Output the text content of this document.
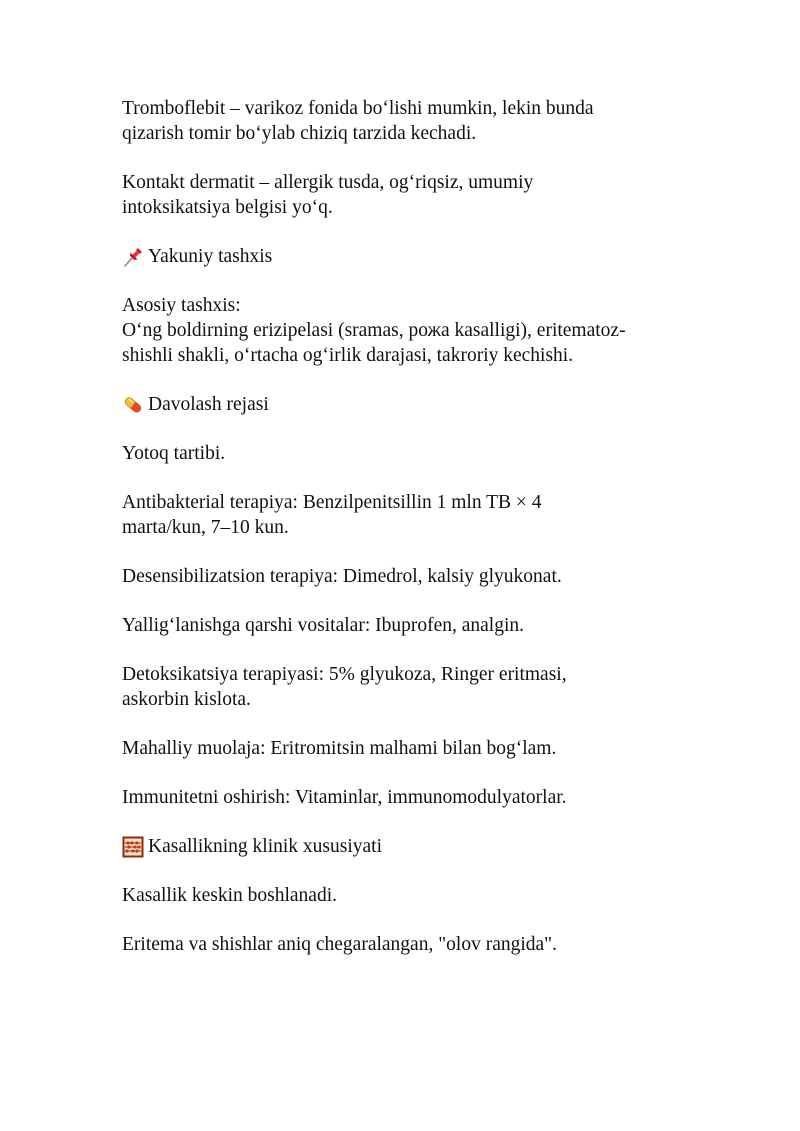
Tromboflebit – varikoz fonida bo‘lishi mumkin, lekin bunda
qizarish tomir bo‘ylab chiziq tarzida kechadi.
Kontakt dermatit – allergik tusda, og‘riqsiz, umumiy
intoksikatsiya belgisi yo‘q.
Yakuniy tashxis
Asosiy tashxis:
O‘ng boldirning erizipelasi (sramas, рожа kasalligi), eritematoz-
shishli shakli, o‘rtacha og‘irlik darajasi, takroriy kechishi.
Davolash rejasi
Yotoq tartibi.
Antibakterial terapiya: Benzilpenitsillin 1 mln TB × 4
marta/kun, 7–10 kun.
Desensibilizatsion terapiya: Dimedrol, kalsiy glyukonat.
Yallig‘lanishga qarshi vositalar: Ibuprofen, analgin.
Detoksikatsiya terapiyasi: 5% glyukoza, Ringer eritmasi,
askorbin kislota.
Mahalliy muolaja: Eritromitsin malhami bilan bog‘lam.
Immunitetni oshirish: Vitaminlar, immunomodulyatorlar.
Kasallikning klinik xususiyati
Kasallik keskin boshlanadi.
Eritema va shishlar aniq chegaralangan, "olov rangida".
